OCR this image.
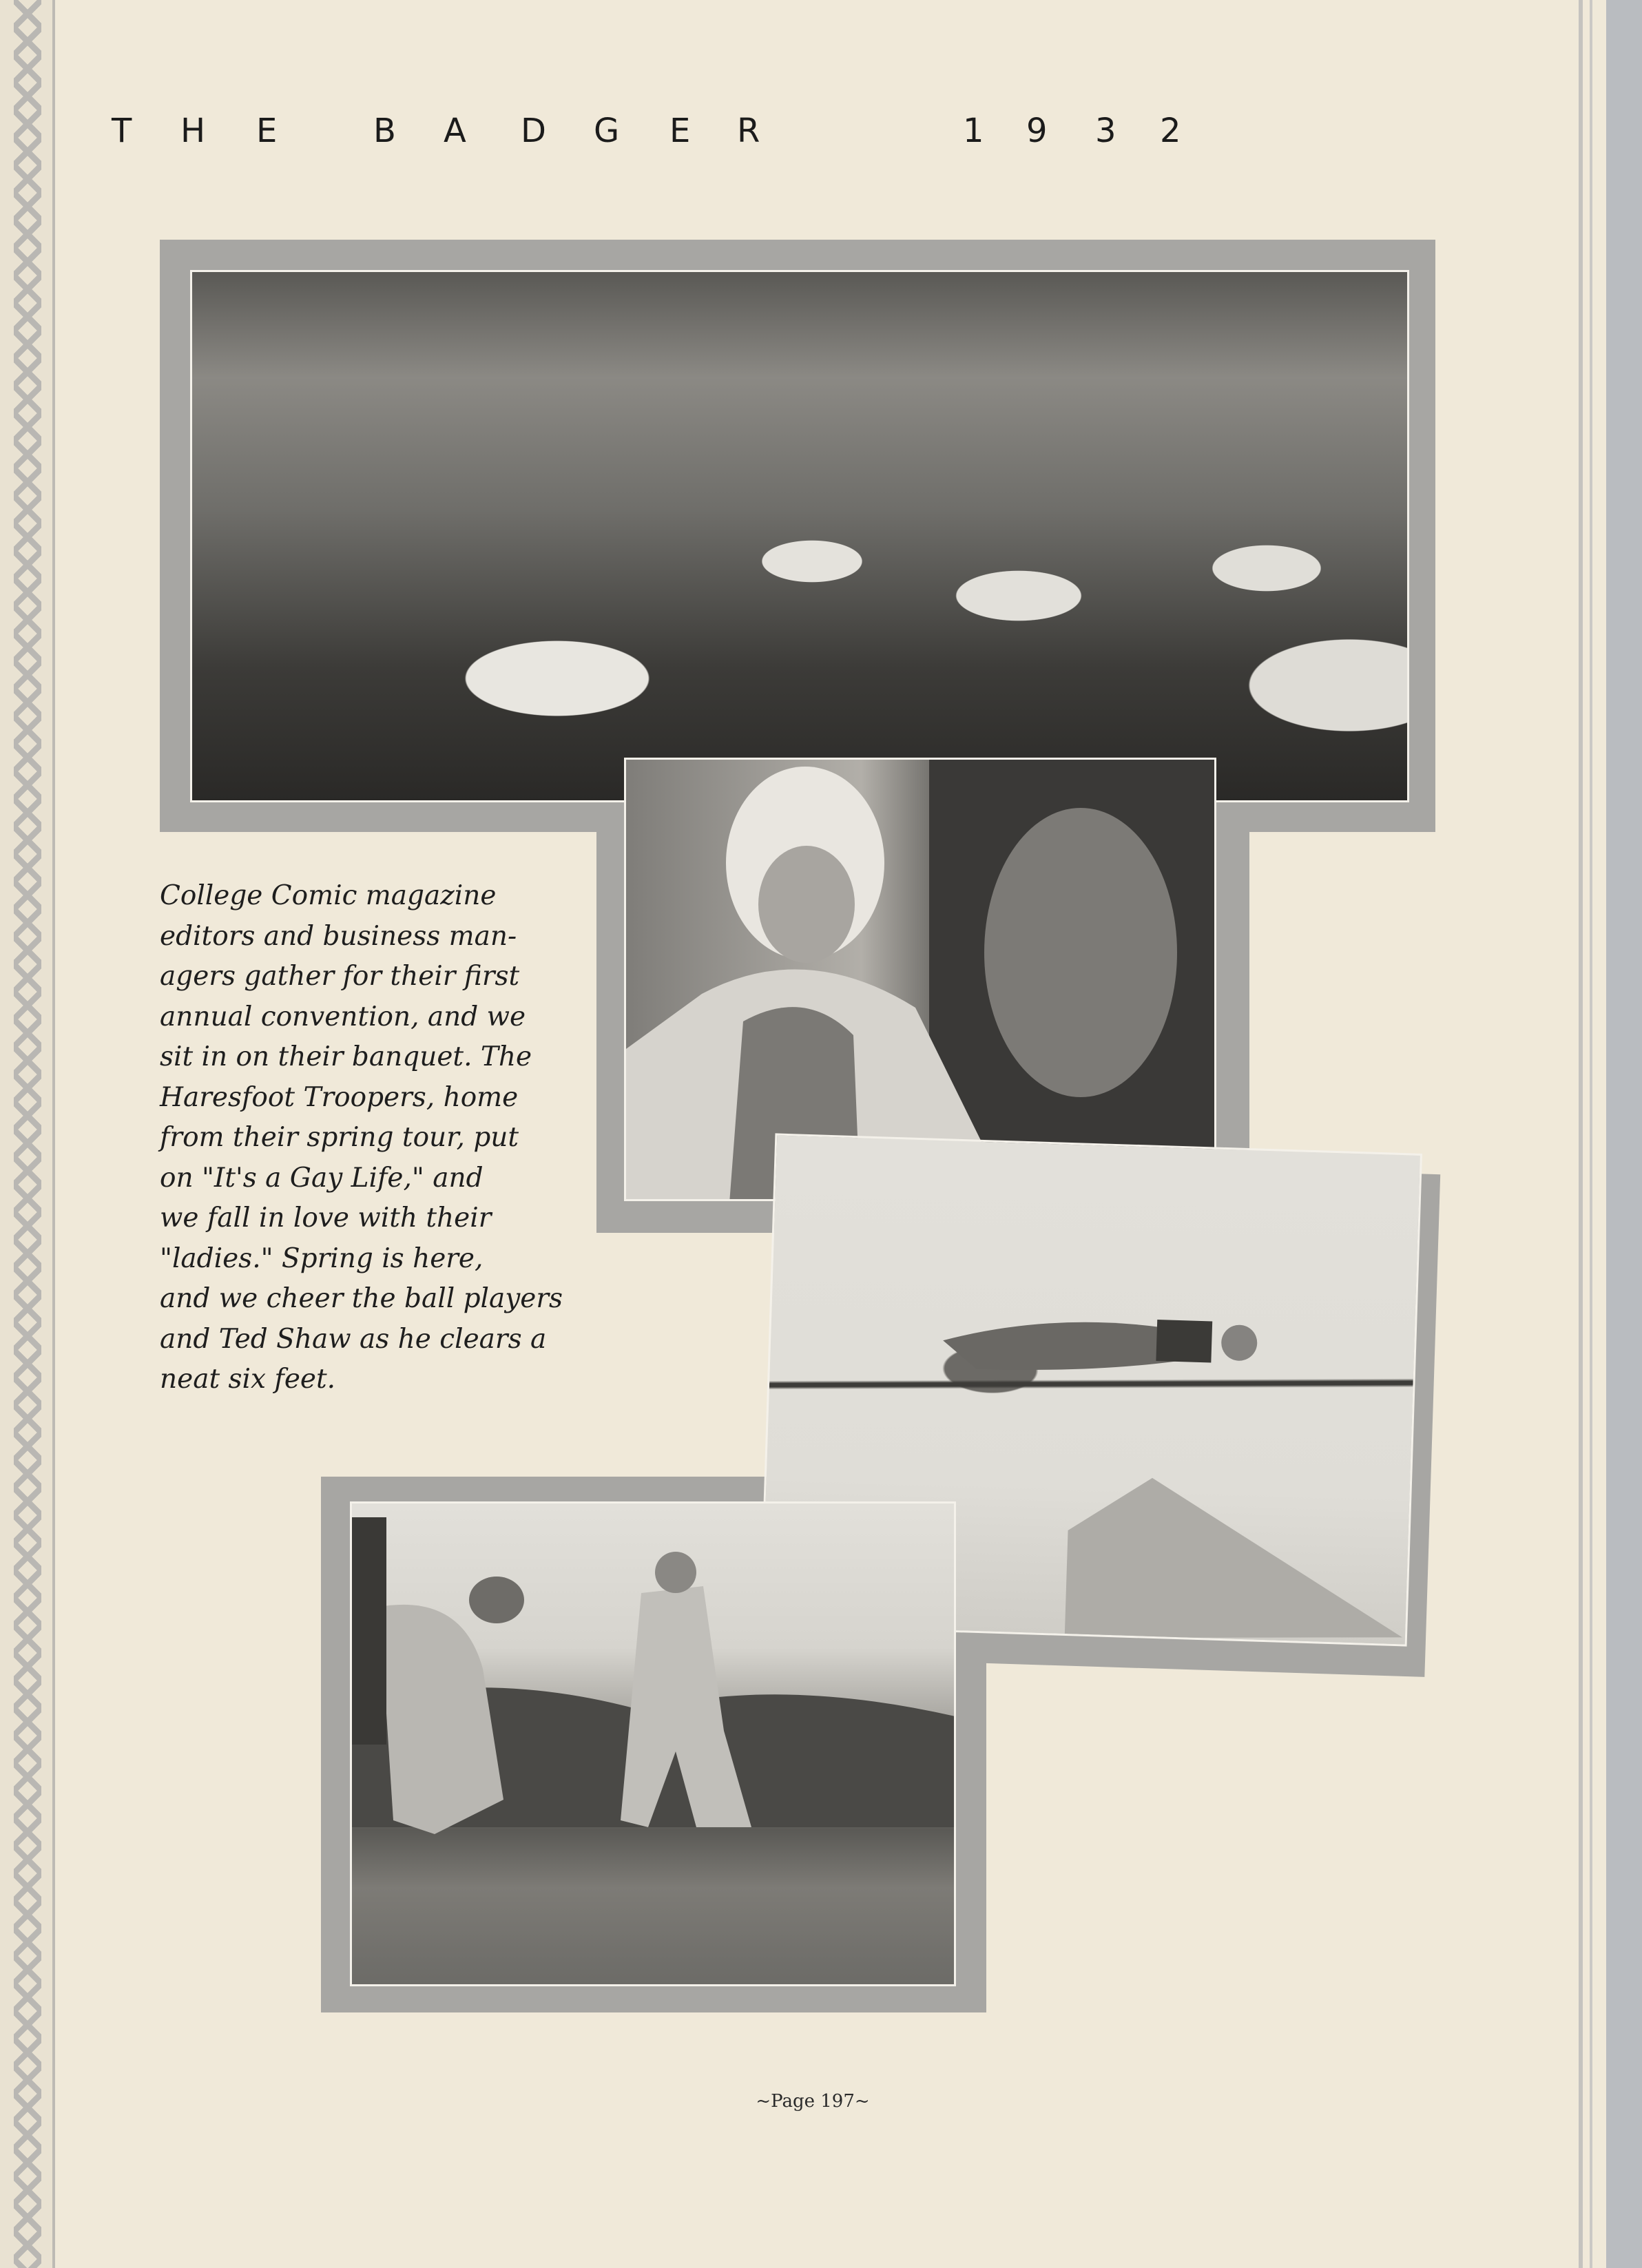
T H E	B A D G E R	1 9 3 2
College Comic magazine
editors and business man-
agers gather for their first
annual convention, and we
sit in on their banquet. The
Haresfoot Troopers, home
from their spring tour, put
on "It's a Gay Life," and
we fall in love with their
"ladies." Spring is here,
and we cheer the ball players
and Ted Shaw as he clears a
neat six feet.
~Page 197~
